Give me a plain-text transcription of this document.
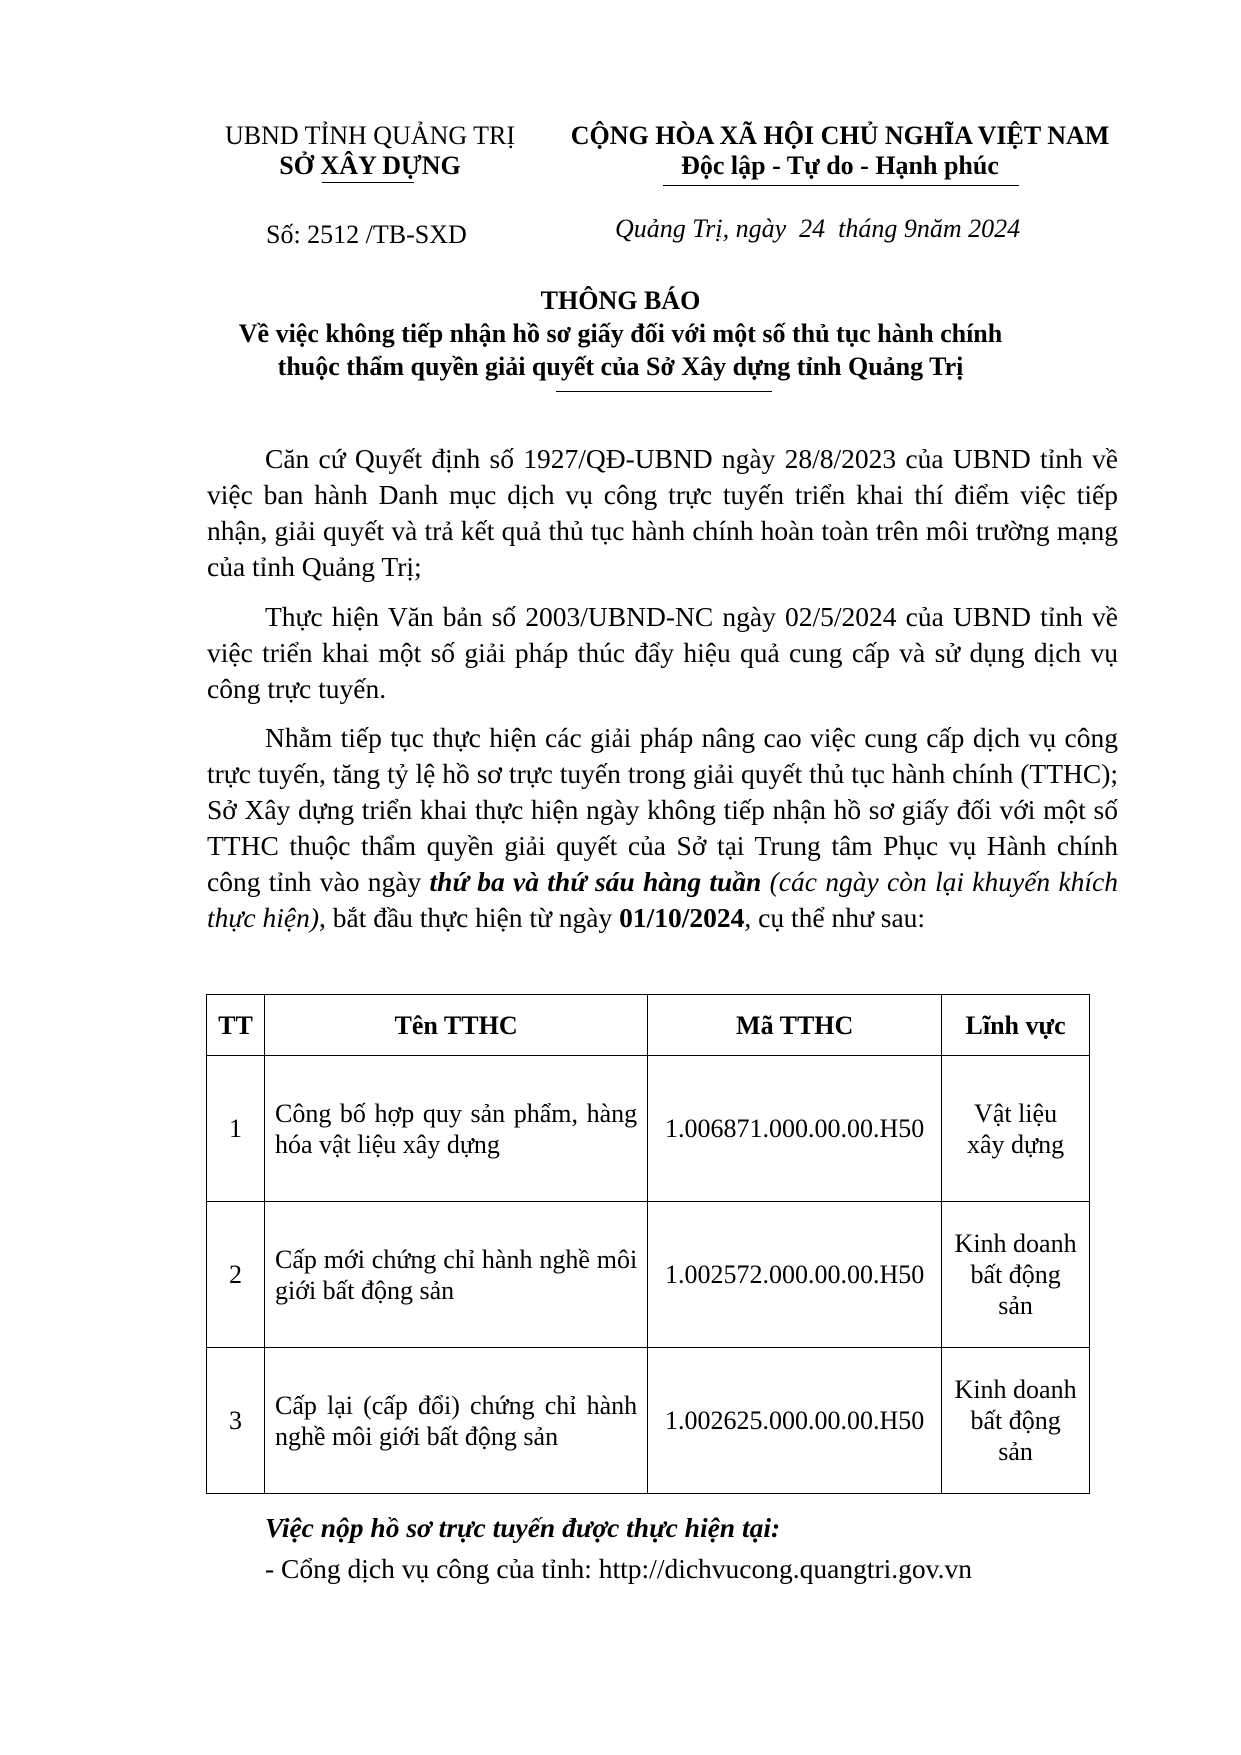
UBND TỈNH QUẢNG TRỊ
SỞ XÂY DỰNG
CỘNG HÒA XÃ HỘI CHỦ NGHĨA VIỆT NAM
Độc lập - Tự do - Hạnh phúc
Số: 2512 /TB-SXD	Quảng Trị, ngày  24  tháng 9năm 2024
THÔNG BÁO
Về việc không tiếp nhận hồ sơ giấy đối với một số thủ tục hành chính
thuộc thẩm quyền giải quyết của Sở Xây dựng tỉnh Quảng Trị
Căn cứ Quyết định số 1927/QĐ-UBND ngày 28/8/2023 của UBND tỉnh về việc ban hành Danh mục dịch vụ công trực tuyến triển khai thí điểm việc tiếp nhận, giải quyết và trả kết quả thủ tục hành chính hoàn toàn trên môi trường mạng của tỉnh Quảng Trị;
Thực hiện Văn bản số 2003/UBND-NC ngày 02/5/2024 của UBND tỉnh về việc triển khai một số giải pháp thúc đẩy hiệu quả cung cấp và sử dụng dịch vụ công trực tuyến.
Nhằm tiếp tục thực hiện các giải pháp nâng cao việc cung cấp dịch vụ công trực tuyến, tăng tỷ lệ hồ sơ trực tuyến trong giải quyết thủ tục hành chính (TTHC); Sở Xây dựng triển khai thực hiện ngày không tiếp nhận hồ sơ giấy đối với một số TTHC thuộc thẩm quyền giải quyết của Sở tại Trung tâm Phục vụ Hành chính công tỉnh vào ngày thứ ba và thứ sáu hàng tuần (các ngày còn lại khuyến khích thực hiện), bắt đầu thực hiện từ ngày 01/10/2024, cụ thể như sau:
TT	Tên TTHC	Mã TTHC	Lĩnh vực
1	Công bố hợp quy sản phẩm, hàng hóa vật liệu xây dựng	1.006871.000.00.00.H50	Vật liệu xây dựng
2	Cấp mới chứng chỉ hành nghề môi giới bất động sản	1.002572.000.00.00.H50	Kinh doanh bất động sản
3	Cấp lại (cấp đổi) chứng chỉ hành nghề môi giới bất động sản	1.002625.000.00.00.H50	Kinh doanh bất động sản
Việc nộp hồ sơ trực tuyến được thực hiện tại:
- Cổng dịch vụ công của tỉnh: http://dichvucong.quangtri.gov.vn
